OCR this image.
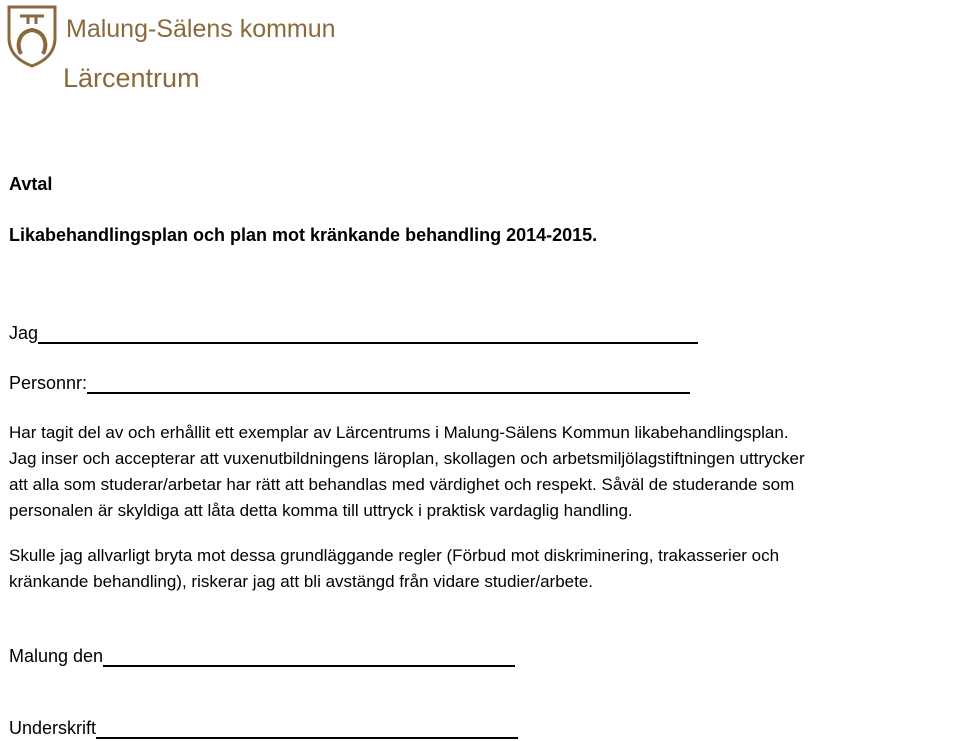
Malung-Sälens kommun
Lärcentrum
Avtal
Likabehandlingsplan och plan mot kränkande behandling 2014-2015.
Jag
Personnr:
Har tagit del av och erhållit ett exemplar av Lärcentrums i Malung-Sälens Kommun likabehandlingsplan.
Jag inser och accepterar att vuxenutbildningens läroplan, skollagen och arbetsmiljölagstiftningen uttrycker
att alla som studerar/arbetar har rätt att behandlas med värdighet och respekt. Såväl de studerande som
personalen är skyldiga att låta detta komma till uttryck i praktisk vardaglig handling.
Skulle jag allvarligt bryta mot dessa grundläggande regler (Förbud mot diskriminering, trakasserier och
kränkande behandling), riskerar jag att bli avstängd från vidare studier/arbete.
Malung den
Underskrift
